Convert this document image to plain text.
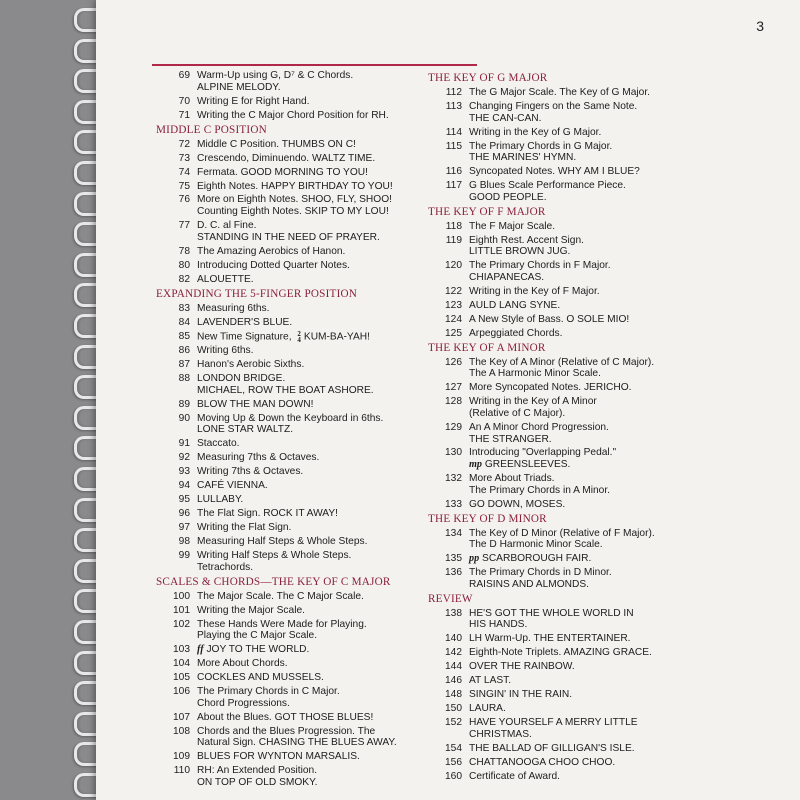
3
69 Warm-Up using G, D⁷ & C Chords.
ALPINE MELODY.
70 Writing E for Right Hand.
71 Writing the C Major Chord Position for RH.
MIDDLE C POSITION
72 Middle C Position. THUMBS ON C!
73 Crescendo, Diminuendo. WALTZ TIME.
74 Fermata. GOOD MORNING TO YOU!
75 Eighth Notes. HAPPY BIRTHDAY TO YOU!
76 More on Eighth Notes. SHOO, FLY, SHOO!
Counting Eighth Notes. SKIP TO MY LOU!
77 D. C. al Fine.
STANDING IN THE NEED OF PRAYER.
78 The Amazing Aerobics of Hanon.
80 Introducing Dotted Quarter Notes.
82 ALOUETTE.
EXPANDING THE 5-FINGER POSITION
83 Measuring 6ths.
84 LAVENDER'S BLUE.
85 New Time Signature, 2
4 KUM-BA-YAH!
86 Writing 6ths.
87 Hanon's Aerobic Sixths.
88 LONDON BRIDGE.
MICHAEL, ROW THE BOAT ASHORE.
89 BLOW THE MAN DOWN!
90 Moving Up & Down the Keyboard in 6ths.
LONE STAR WALTZ.
91 Staccato.
92 Measuring 7ths & Octaves.
93 Writing 7ths & Octaves.
94 CAFÉ VIENNA.
95 LULLABY.
96 The Flat Sign. ROCK IT AWAY!
97 Writing the Flat Sign.
98 Measuring Half Steps & Whole Steps.
99 Writing Half Steps & Whole Steps.
Tetrachords.
SCALES & CHORDS—THE KEY OF C MAJOR
100 The Major Scale. The C Major Scale.
101 Writing the Major Scale.
102 These Hands Were Made for Playing.
Playing the C Major Scale.
103 ff JOY TO THE WORLD.
104 More About Chords.
105 COCKLES AND MUSSELS.
106 The Primary Chords in C Major.
Chord Progressions.
107 About the Blues. GOT THOSE BLUES!
108 Chords and the Blues Progression. The
Natural Sign. CHASING THE BLUES AWAY.
109 BLUES FOR WYNTON MARSALIS.
110 RH: An Extended Position.
ON TOP OF OLD SMOKY.
THE KEY OF G MAJOR
112 The G Major Scale. The Key of G Major.
113 Changing Fingers on the Same Note.
THE CAN-CAN.
114 Writing in the Key of G Major.
115 The Primary Chords in G Major.
THE MARINES' HYMN.
116 Syncopated Notes. WHY AM I BLUE?
117 G Blues Scale Performance Piece.
GOOD PEOPLE.
THE KEY OF F MAJOR
118 The F Major Scale.
119 Eighth Rest. Accent Sign.
LITTLE BROWN JUG.
120 The Primary Chords in F Major.
CHIAPANECAS.
122 Writing in the Key of F Major.
123 AULD LANG SYNE.
124 A New Style of Bass. O SOLE MIO!
125 Arpeggiated Chords.
THE KEY OF A MINOR
126 The Key of A Minor (Relative of C Major).
The A Harmonic Minor Scale.
127 More Syncopated Notes. JERICHO.
128 Writing in the Key of A Minor
(Relative of C Major).
129 An A Minor Chord Progression.
THE STRANGER.
130 Introducing "Overlapping Pedal."
mp GREENSLEEVES.
132 More About Triads.
The Primary Chords in A Minor.
133 GO DOWN, MOSES.
THE KEY OF D MINOR
134 The Key of D Minor (Relative of F Major).
The D Harmonic Minor Scale.
135 pp SCARBOROUGH FAIR.
136 The Primary Chords in D Minor.
RAISINS AND ALMONDS.
REVIEW
138 HE'S GOT THE WHOLE WORLD IN
HIS HANDS.
140 LH Warm-Up. THE ENTERTAINER.
142 Eighth-Note Triplets. AMAZING GRACE.
144 OVER THE RAINBOW.
146 AT LAST.
148 SINGIN' IN THE RAIN.
150 LAURA.
152 HAVE YOURSELF A MERRY LITTLE
CHRISTMAS.
154 THE BALLAD OF GILLIGAN'S ISLE.
156 CHATTANOOGA CHOO CHOO.
160 Certificate of Award.
